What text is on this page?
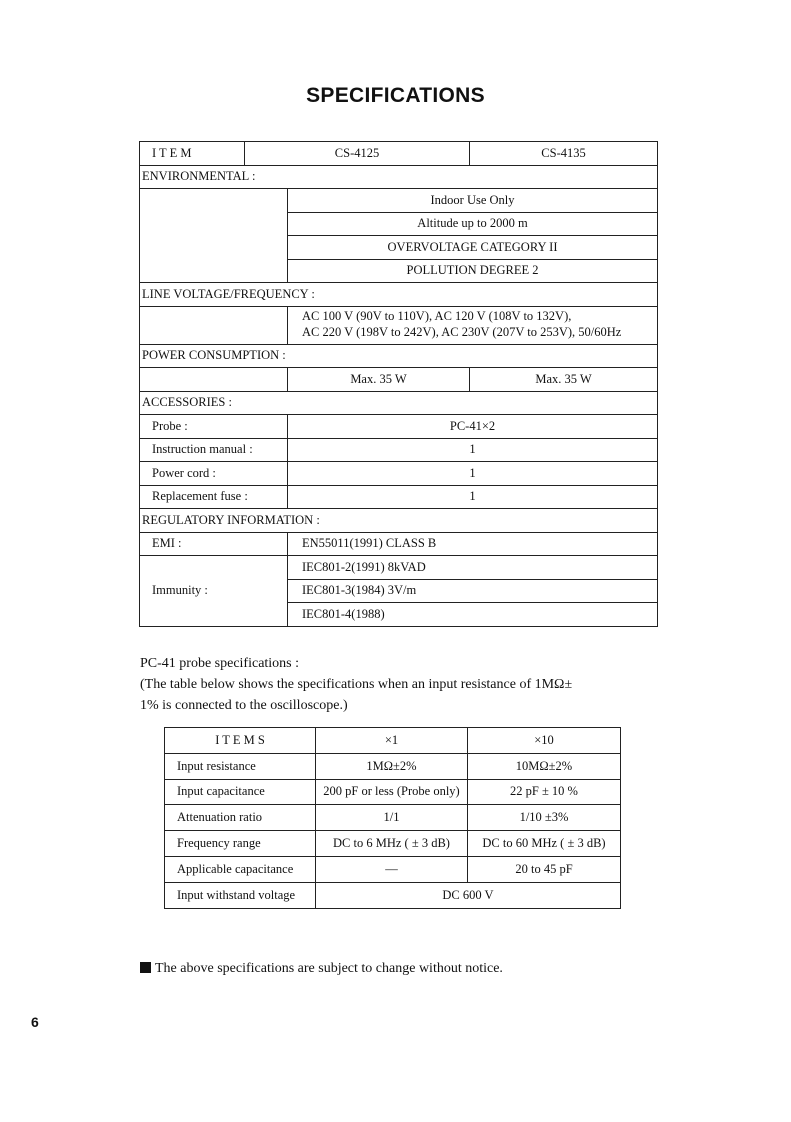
SPECIFICATIONS
I T E M	CS-4125		CS-4135
ENVIRONMENTAL :			
		Indoor Use Only	
		Altitude up to 2000 m	
		OVERVOLTAGE CATEGORY II	
		POLLUTION DEGREE 2	
LINE VOLTAGE/FREQUENCY :			

		AC 100 V (90V to 110V), AC 120 V (108V to 132V),
AC 220 V (198V to 242V), AC 230V (207V to 253V), 50/60Hz	

POWER CONSUMPTION :			
		Max. 35 W	Max. 35 W
ACCESSORIES :			
Probe :		PC-41×2	
Instruction manual :		1	
Power cord :		1	
Replacement fuse :		1	
REGULATORY INFORMATION :			
EMI :		EN55011(1991) CLASS B	
Immunity :		IEC801-2(1991) 8kVAD	
		IEC801-3(1984) 3V/m	
		IEC801-4(1988)	
PC-41 probe specifications :
(The table below shows the specifications when an input resistance of 1MΩ±
1% is connected to the oscilloscope.)
I T E M S	×1	×10
Input resistance	1MΩ±2%	10MΩ±2%
Input capacitance	200 pF or less (Probe only)	22 pF ± 10 %
Attenuation ratio	1/1	1/10 ±3%
Frequency range	DC to 6 MHz ( ± 3 dB)	DC to 60 MHz ( ± 3 dB)
Applicable capacitance	—	20 to 45 pF
Input withstand voltage	DC 600 V	
The above specifications are subject to change without notice.
6
